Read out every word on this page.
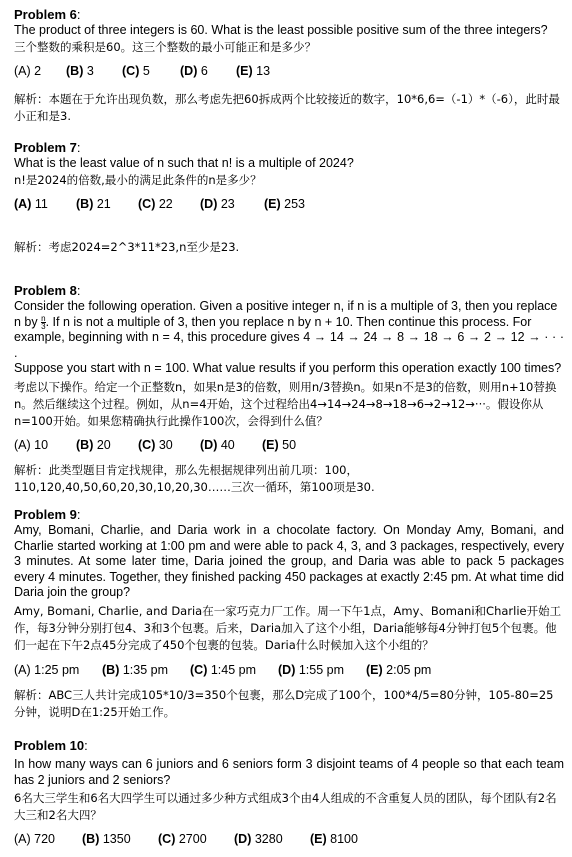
Problem 6:

The product of three integers is 60. What is the least possible positive sum of the three integers?

三个整数的乘积是60。这三个整数的最小可能正和是多少？

(A) 2 (B) 3 (C) 5 (D) 6 (E) 13

解析：本题在于允许出现负数，那么考虑先把60拆成两个比较接近的数字，10*6,6=（-1）*（-6），此时最小正和是3.

Problem 7:

What is the least value of n such that n! is a multiple of 2024?

n!是2024的倍数,最小的满足此条件的n是多少？

(A) 11 (B) 21 (C) 22 (D) 23 (E) 253

解析：考虑2024=2^3*11*23,n至少是23.

Problem 8:

Consider the following operation. Given a positive integer n, if n is a multiple of 3, then you replace

n by $\frac{n}{3}$ . If n is not a multiple of 3, then you replace n by n + 10. Then continue this process. For

example, beginning with n = 4, this procedure gives 4 → 14 → 24 → 8 → 18 → 6 → 2 → 12 → · · · .

Suppose you start with n = 100. What value results if you perform this operation exactly 100 times?

考虑以下操作。给定一个正整数n，如果n是3的倍数，则用n/3替换n。如果n不是3的倍数，则用n+10替换n。然后继续这个过程。例如，从n=4开始，这个过程给出4→14→24→8→18→6→2→12→···。假设你从n=100开始。如果您精确执行此操作100次，会得到什么值？

(A) 10 (B) 20 (C) 30 (D) 40 (E) 50

解析：此类型题目肯定找规律，那么先根据规律列出前几项：100，110,120,40,50,60,20,30,10,20,30……三次一循环，第100项是30.

Problem 9:

Amy, Bomani, Charlie, and Daria work in a chocolate factory. On Monday Amy, Bomani, and Charlie started working at 1:00 pm and were able to pack 4, 3, and 3 packages, respectively, every 3 minutes. At some later time, Daria joined the group, and Daria was able to pack 5 packages every 4 minutes. Together, they finished packing 450 packages at exactly 2:45 pm. At what time did Daria join the group?

Amy, Bomani, Charlie, and Daria在一家巧克力厂工作。周一下午1点，Amy、Bomani和Charlie开始工作，每3分钟分别打包4、3和3个包裹。后来，Daria加入了这个小组，Daria能够每4分钟打包5个包裹。他们一起在下午2点45分完成了450个包裹的包装。Daria什么时候加入这个小组的？

(A) 1:25 pm (B) 1:35 pm (C) 1:45 pm (D) 1:55 pm (E) 2:05 pm

解析：ABC三人共计完成105*10/3=350个包裹，那么D完成了100个，100*4/5=80分钟，105-80=25分钟，说明D在1:25开始工作。

Problem 10:

In how many ways can 6 juniors and 6 seniors form 3 disjoint teams of 4 people so that each team has 2 juniors and 2 seniors?

6名大三学生和6名大四学生可以通过多少种方式组成3个由4人组成的不含重复人员的团队，每个团队有2名大三和2名大四？

(A) 720 (B) 1350 (C) 2700 (D) 3280 (E) 8100
